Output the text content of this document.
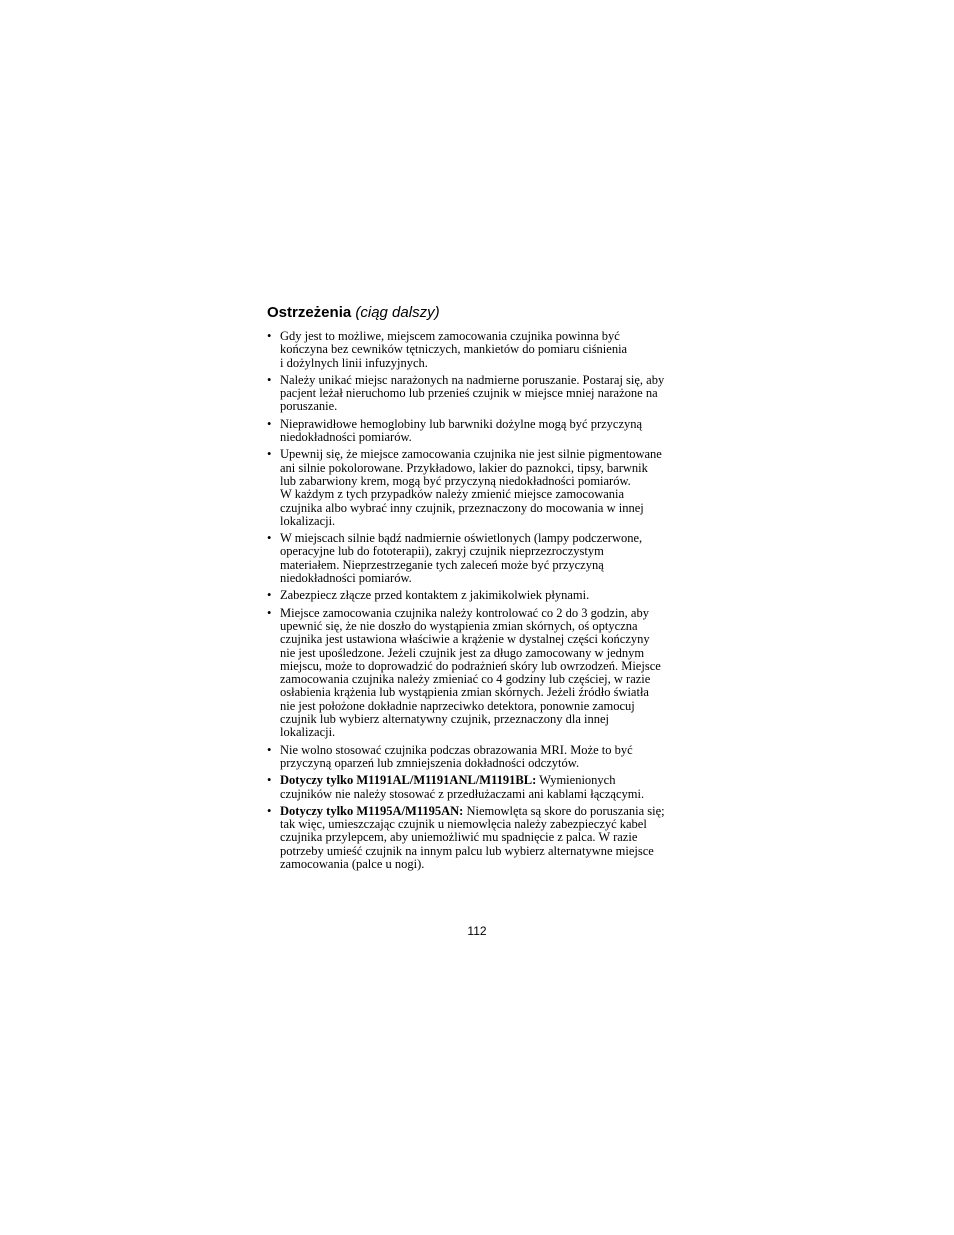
Ostrzeżenia (ciąg dalszy)
• Gdy jest to możliwe, miejscem zamocowania czujnika powinna być
kończyna bez cewników tętniczych, mankietów do pomiaru ciśnienia
i dożylnych linii infuzyjnych.
• Należy unikać miejsc narażonych na nadmierne poruszanie. Postaraj się, aby
pacjent leżał nieruchomo lub przenieś czujnik w miejsce mniej narażone na
poruszanie.
• Nieprawidłowe hemoglobiny lub barwniki dożylne mogą być przyczyną
niedokładności pomiarów.
• Upewnij się, że miejsce zamocowania czujnika nie jest silnie pigmentowane
ani silnie pokolorowane. Przykładowo, lakier do paznokci, tipsy, barwnik
lub zabarwiony krem, mogą być przyczyną niedokładności pomiarów.
W każdym z tych przypadków należy zmienić miejsce zamocowania
czujnika albo wybrać inny czujnik, przeznaczony do mocowania w innej
lokalizacji.
• W miejscach silnie bądź nadmiernie oświetlonych (lampy podczerwone,
operacyjne lub do fototerapii), zakryj czujnik nieprzezroczystym
materiałem. Nieprzestrzeganie tych zaleceń może być przyczyną
niedokładności pomiarów.
• Zabezpiecz złącze przed kontaktem z jakimikolwiek płynami.
• Miejsce zamocowania czujnika należy kontrolować co 2 do 3 godzin, aby
upewnić się, że nie doszło do wystąpienia zmian skórnych, oś optyczna
czujnika jest ustawiona właściwie a krążenie w dystalnej części kończyny
nie jest upośledzone. Jeżeli czujnik jest za długo zamocowany w jednym
miejscu, może to doprowadzić do podrażnień skóry lub owrzodzeń. Miejsce
zamocowania czujnika należy zmieniać co 4 godziny lub częściej, w razie
osłabienia krążenia lub wystąpienia zmian skórnych. Jeżeli źródło światła
nie jest położone dokładnie naprzeciwko detektora, ponownie zamocuj
czujnik lub wybierz alternatywny czujnik, przeznaczony dla innej
lokalizacji.
• Nie wolno stosować czujnika podczas obrazowania MRI. Może to być
przyczyną oparzeń lub zmniejszenia dokładności odczytów.
• Dotyczy tylko M1191AL/M1191ANL/M1191BL: Wymienionych
czujników nie należy stosować z przedłużaczami ani kablami łączącymi.
• Dotyczy tylko M1195A/M1195AN: Niemowlęta są skore do poruszania się;
tak więc, umieszczając czujnik u niemowlęcia należy zabezpieczyć kabel
czujnika przylepcem, aby uniemożliwić mu spadnięcie z palca. W razie
potrzeby umieść czujnik na innym palcu lub wybierz alternatywne miejsce
zamocowania (palce u nogi).
112
